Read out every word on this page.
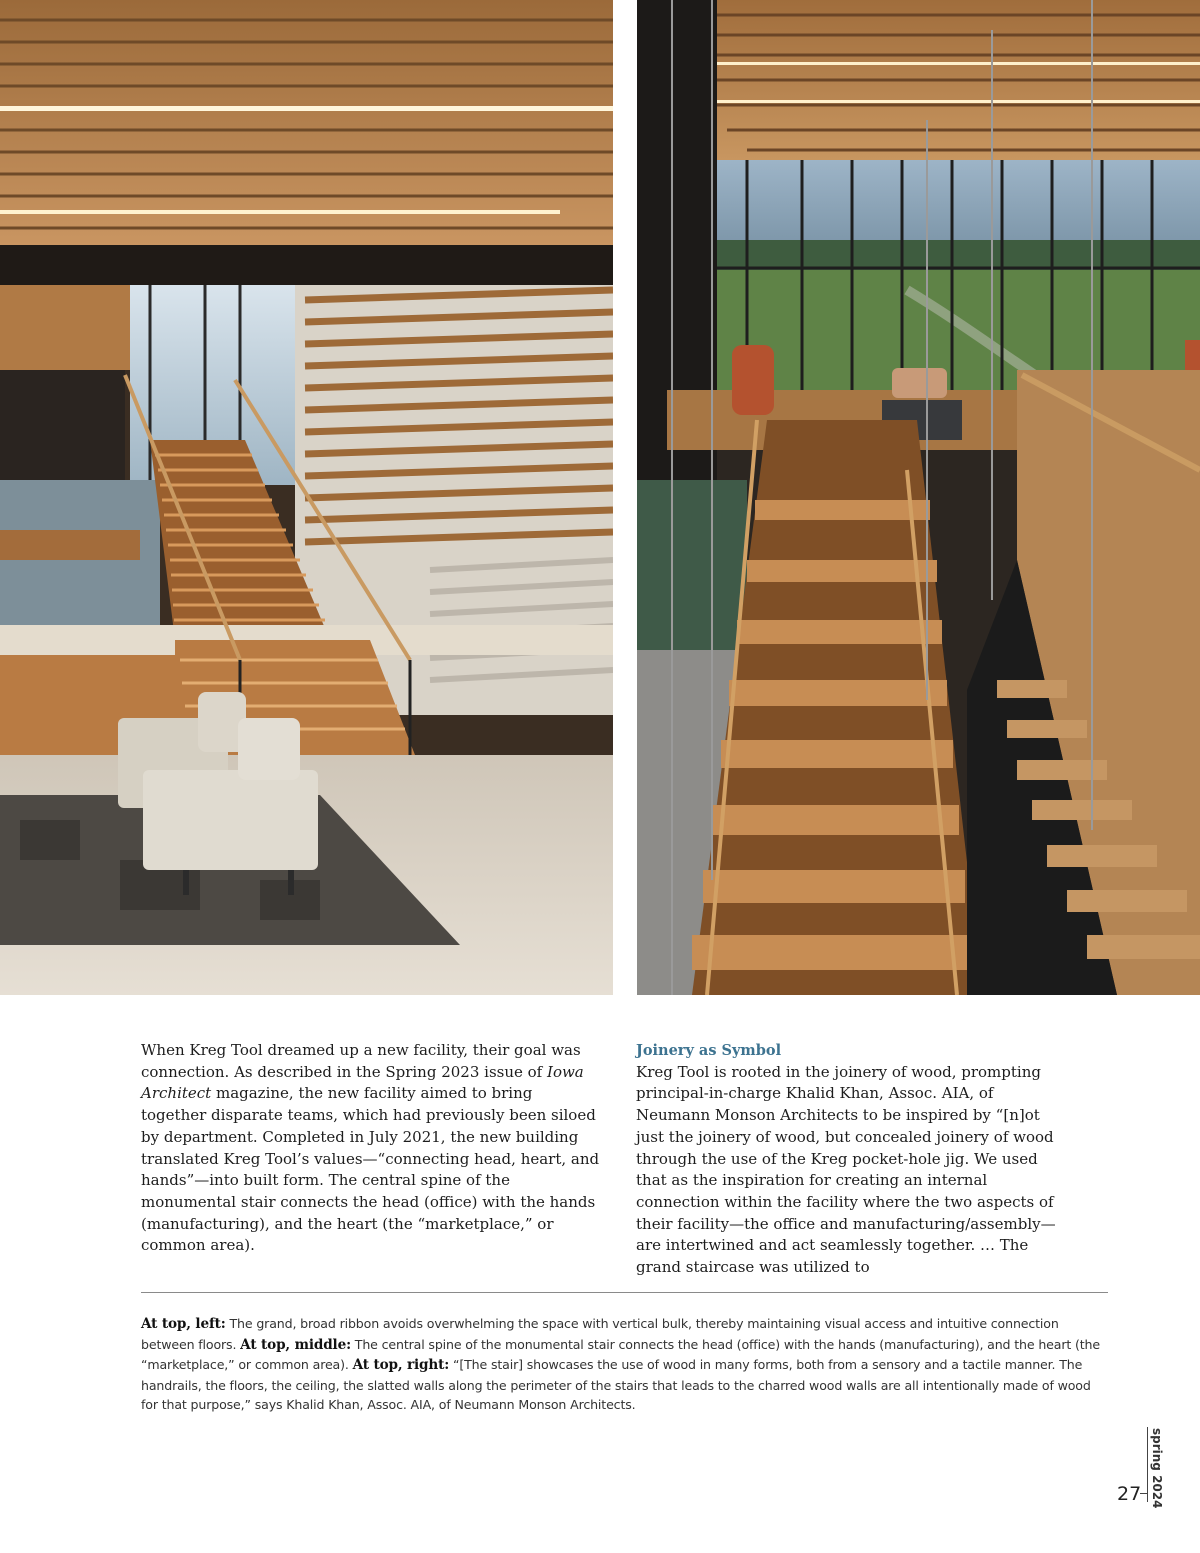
When Kreg Tool dreamed up a new facility, their goal was connection. As described in the Spring 2023 issue of Iowa Architect magazine, the new facility aimed to bring together disparate teams, which had previously been siloed by department. Completed in July 2021, the new building translated Kreg Tool’s values—“connecting head, heart, and hands”—into built form. The central spine of the monumental stair connects the head (office) with the hands (manufacturing), and the heart (the “marketplace,” or common area).

Joinery as Symbol

Kreg Tool is rooted in the joinery of wood, prompting principal-in-charge Khalid Khan, Assoc. AIA, of Neumann Monson Architects to be inspired by “[n]ot just the joinery of wood, but concealed joinery of wood through the use of the Kreg pocket-hole jig. We used that as the inspiration for creating an internal connection within the facility where the two aspects of their facility—the office and manufacturing/assembly—are intertwined and act seamlessly together. … The grand staircase was utilized to

At top, left: The grand, broad ribbon avoids overwhelming the space with vertical bulk, thereby maintaining visual access and intuitive connection between floors. At top, middle: The central spine of the monumental stair connects the head (office) with the hands (manufacturing), and the heart (the “marketplace,” or common area). At top, right: “[The stair] showcases the use of wood in many forms, both from a sensory and a tactile manner. The handrails, the floors, the ceiling, the slatted walls along the perimeter of the stairs that leads to the charred wood walls are all intentionally made of wood for that purpose,” says Khalid Khan, Assoc. AIA, of Neumann Monson Architects.
27 spring 2024
